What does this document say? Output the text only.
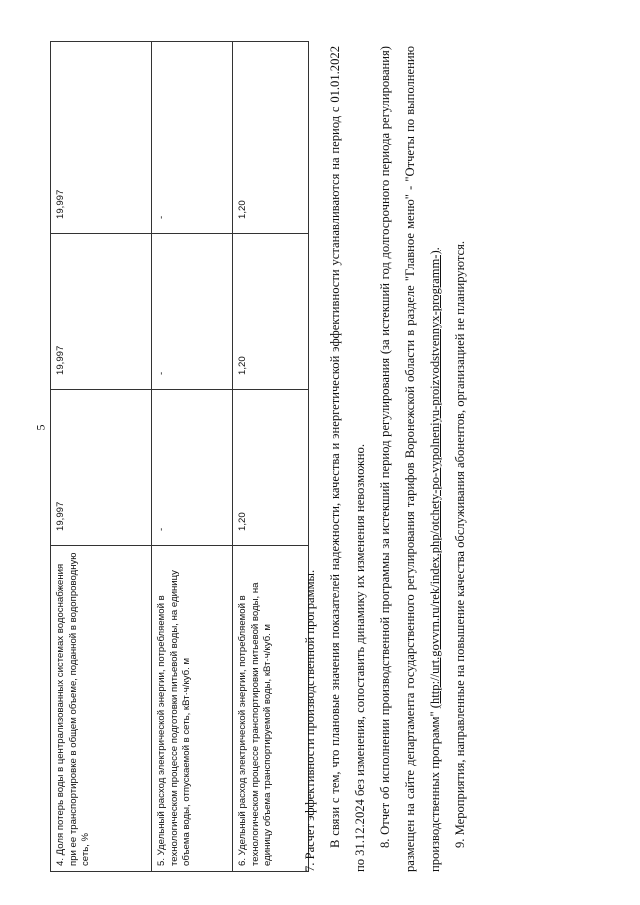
5
4. Доля потерь воды в централизованных системах водоснабжения при ее транспортировке в общем объеме, поданной в водопроводную сеть, %	19,997	19,997	19,997
5. Удельный расход электрической энергии, потребляемой в технологическом процессе подготовки питьевой воды, на единицу объема воды, отпускаемой в сеть, кВт·ч/куб. м	-	-	-
6. Удельный расход электрической энергии, потребляемой в технологическом процессе транспортировки питьевой воды, на единицу объема транспортируемой воды, кВт·ч/куб. м	1,20	1,20	1,20

7. Расчет эффективности производственной программы. В связи с тем, что плановые значения показателей надежности, качества и энергетической эффективности устанавливаются на период с 01.01.2022 по 31.12.2024 без изменения, сопоставить динамику их изменения невозможно. 8. Отчет об исполнении производственной программы за истекший период регулирования (за истекший год долгосрочного периода регулирования) размещен на сайте департамента государственного регулирования тарифов Воронежской области в разделе "Главное меню" - "Отчеты по выполнению производственных программ" (http://urt.govvrn.ru/rek/index.php/otchety-po-vypolneniyu-proizvodstvennyx-programm-). 9. Мероприятия, направленные на повышение качества обслуживания абонентов, организацией не планируются.
